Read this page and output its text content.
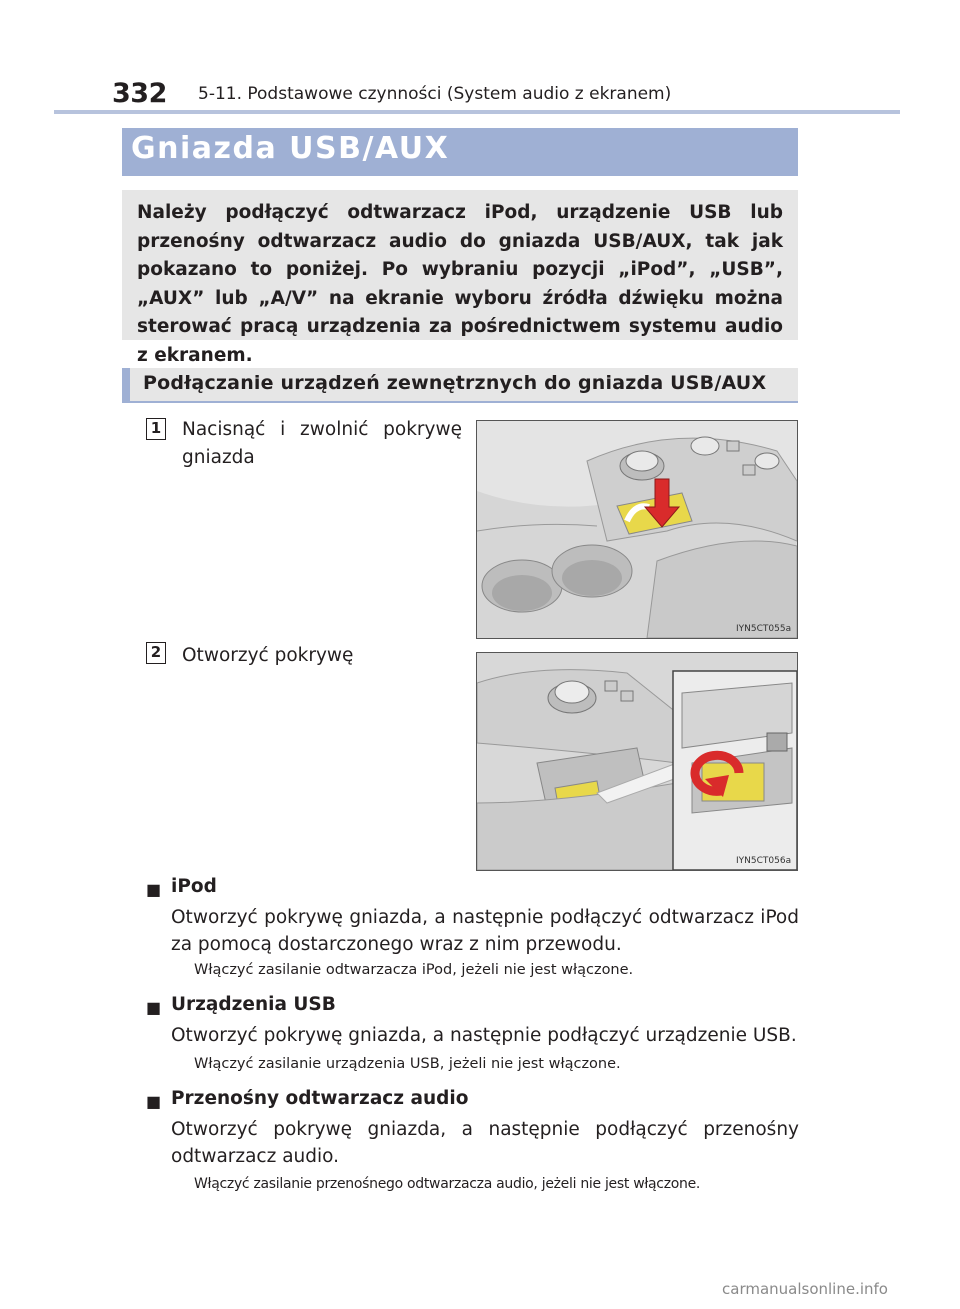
332 5-11. Podstawowe czynności (System audio z ekranem)
Gniazda USB/AUX
Należy podłączyć odtwarzacz iPod, urządzenie USB lub przenośny odtwarzacz audio do gniazda USB/AUX, tak jak pokazano to poniżej. Po wybraniu pozycji „iPod”, „USB”, „AUX” lub „A/V” na ekranie wyboru źródła dźwięku można sterować pracą urządzenia za pośrednictwem systemu audio z ekranem.
Podłączanie urządzeń zewnętrznych do gniazda USB/AUX
1 Nacisnąć i zwolnić pokrywę gniazda
IYN5CT055a
2 Otworzyć pokrywę
IYN5CT056a
■ iPod
Otworzyć pokrywę gniazda, a następnie podłączyć odtwarzacz iPod za pomocą dostarczonego wraz z nim przewodu.
Włączyć zasilanie odtwarzacza iPod, jeżeli nie jest włączone.
■ Urządzenia USB
Otworzyć pokrywę gniazda, a następnie podłączyć urządzenie USB.
Włączyć zasilanie urządzenia USB, jeżeli nie jest włączone.
■ Przenośny odtwarzacz audio
Otworzyć pokrywę gniazda, a następnie podłączyć przenośny odtwarzacz audio.
Włączyć zasilanie przenośnego odtwarzacza audio, jeżeli nie jest włączone.
carmanualsonline.info
